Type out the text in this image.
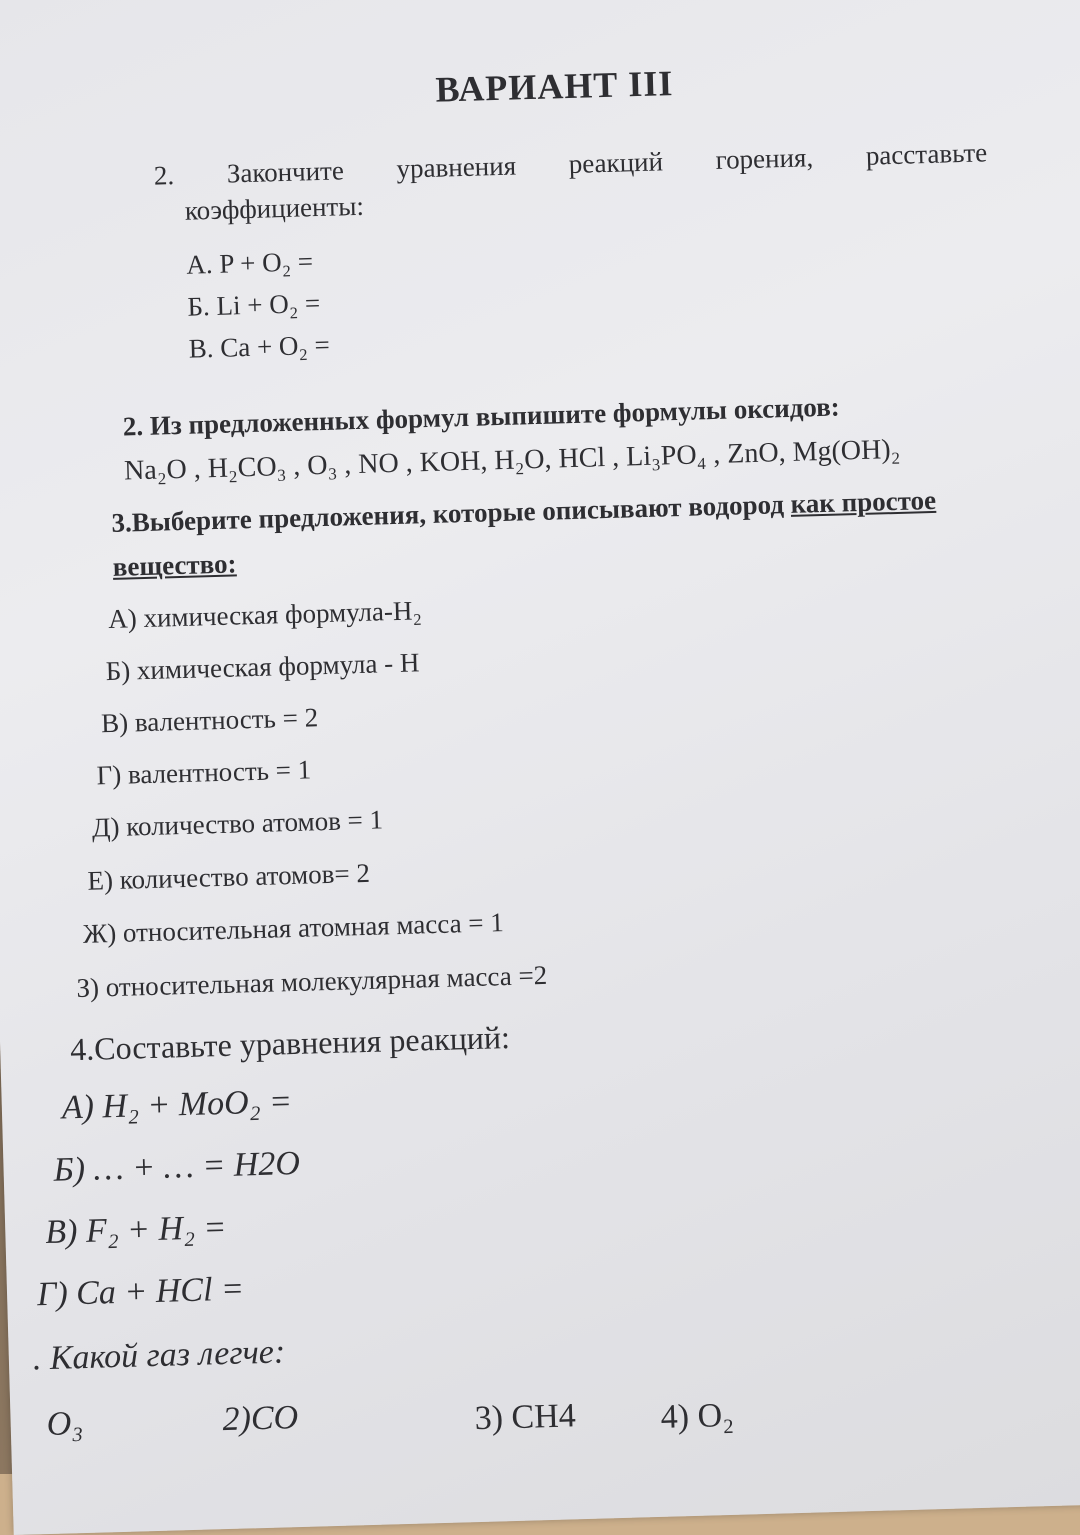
ВАРИАНТ III
2. Закончите уравнения реакций горения, расставьте
коэффициенты:
А. P + O₂ =
Б. Li + O₂ =
В. Ca + O₂ =
2. Из предложенных формул выпишите формулы оксидов:
Na₂O , H₂CO₃ , O₃ , NO , KOH, H₂O, HCl , Li₃PO₄ , ZnO, Mg(OH)₂
3.Выберите предложения, которые описывают водород как простое
вещество:
А) химическая формула-H₂
Б) химическая формула - H
В) валентность = 2
Г) валентность = 1
Д) количество атомов = 1
Е) количество атомов= 2
Ж) относительная атомная масса = 1
З) относительная молекулярная масса =2
4.Составьте уравнения реакций:
А) H₂ + MoO₂ =
Б) … + … = H2O
В) F₂ + H₂ =
Г) Ca + HCl =
. Какой газ легче:
O₃	2)CO	3) CH4 4) O₂
